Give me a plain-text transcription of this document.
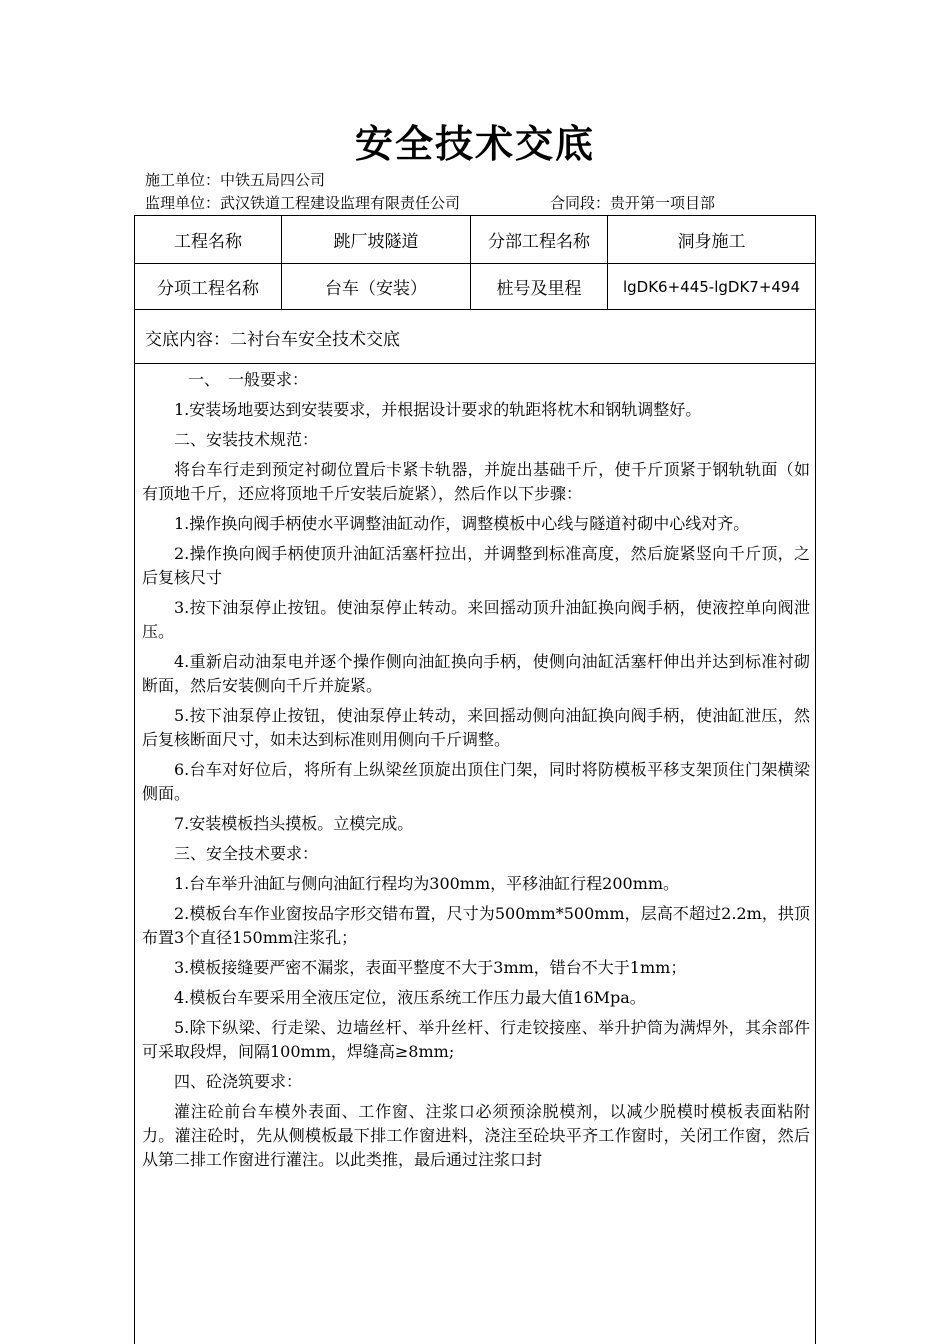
安全技术交底
施工单位：中铁五局四公司
监理单位：武汉铁道工程建设监理有限责任公司	合同段：贵开第一项目部
工程名称	跳厂坡隧道	分部工程名称	洞身施工
分项工程名称	台车（安装）	桩号及里程	lgDK6+445-lgDK7+494
交底内容：二衬台车安全技术交底

一、　一般要求：

1.安装场地要达到安装要求，并根据设计要求的轨距将枕木和钢轨调整好。

二、安装技术规范：

将台车行走到预定衬砌位置后卡紧卡轨器，并旋出基础千斤，使千斤顶紧于钢轨轨面（如有顶地千斤，还应将顶地千斤安装后旋紧），然后作以下步骤：

1.操作换向阀手柄使水平调整油缸动作，调整模板中心线与隧道衬砌中心线对齐。

2.操作换向阀手柄使顶升油缸活塞杆拉出，并调整到标准高度，然后旋紧竖向千斤顶，之后复核尺寸

3.按下油泵停止按钮。使油泵停止转动。来回摇动顶升油缸换向阀手柄，使液控单向阀泄压。

4.重新启动油泵电并逐个操作侧向油缸换向手柄，使侧向油缸活塞杆伸出并达到标准衬砌断面，然后安装侧向千斤并旋紧。

5.按下油泵停止按钮，使油泵停止转动，来回摇动侧向油缸换向阀手柄，使油缸泄压，然后复核断面尺寸，如未达到标准则用侧向千斤调整。

6.台车对好位后，将所有上纵梁丝顶旋出顶住门架，同时将防模板平移支架顶住门架横梁侧面。

7.安装模板挡头摸板。立模完成。

三、安全技术要求：

1.台车举升油缸与侧向油缸行程均为300mm，平移油缸行程200mm。

2.模板台车作业窗按品字形交错布置，尺寸为500mm*500mm，层高不超过2.2m，拱顶布置3个直径150mm注浆孔；

3.模板接缝要严密不漏浆，表面平整度不大于3mm，错台不大于1mm；

4.模板台车要采用全液压定位，液压系统工作压力最大值16Mpa。

5.除下纵梁、行走梁、边墙丝杆、举升丝杆、行走铰接座、举升护筒为满焊外，其余部件可采取段焊，间隔100mm，焊缝高≥8mm;

四、砼浇筑要求：

灌注砼前台车模外表面、工作窗、注浆口必须预涂脱模剂，以减少脱模时模板表面粘附力。灌注砼时，先从侧模板最下排工作窗进料，浇注至砼块平齐工作窗时，关闭工作窗，然后从第二排工作窗进行灌注。以此类推，最后通过注浆口封
